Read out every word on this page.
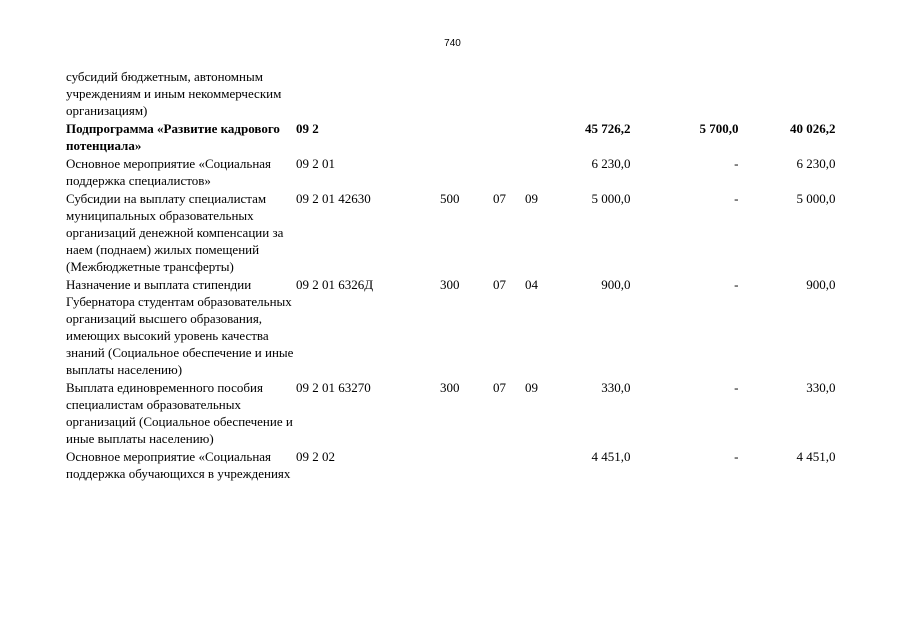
740
субсидий бюджетным, автономным учреждениям и иным некоммерческим организациям)							
Подпрограмма «Развитие кадрового потенциала»	09 2				45 726,2	5 700,0	40 026,2
Основное мероприятие «Социальная поддержка специалистов»	09 2 01				6 230,0	-	6 230,0
Субсидии на выплату специалистам муниципальных образовательных организаций денежной компенсации за наем (поднаем) жилых помещений (Межбюджетные трансферты)	09 2 01 42630	500	07	09	5 000,0	-	5 000,0
Назначение и выплата стипендии Губернатора студентам образовательных организаций высшего образования, имеющих высокий уровень качества знаний (Социальное обеспечение и иные выплаты населению)	09 2 01 6326Д	300	07	04	900,0	-	900,0
Выплата единовременного пособия специалистам образовательных организаций (Социальное обеспечение и иные выплаты населению)	09 2 01 63270	300	07	09	330,0	-	330,0
Основное мероприятие «Социальная поддержка обучающихся в учреждениях	09 2 02				4 451,0	-	4 451,0
